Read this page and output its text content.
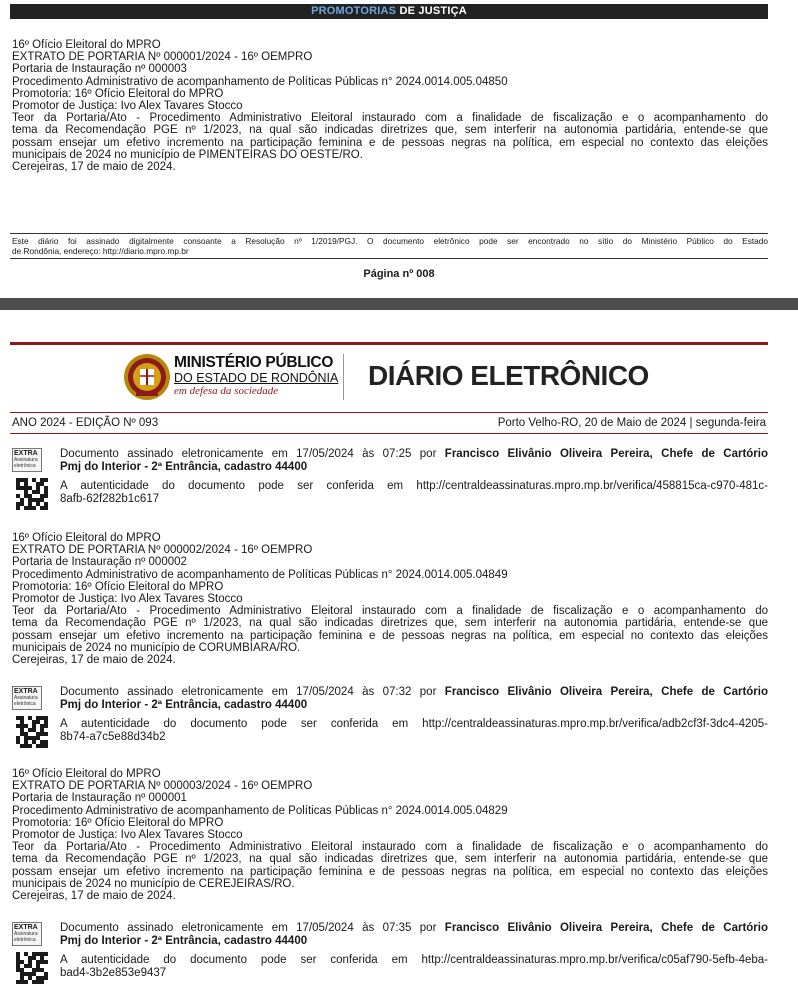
PROMOTORIAS DE JUSTIÇA
16º Ofício Eleitoral do MPRO
EXTRATO DE PORTARIA Nº 000001/2024 - 16º OEMPRO
Portaria de Instauração nº 000003
Procedimento Administrativo de acompanhamento de Políticas Públicas n° 2024.0014.005.04850
Promotoria: 16º Ofício Eleitoral do MPRO
Promotor de Justiça: Ivo Alex Tavares Stocco
Teor da Portaria/Ato - Procedimento Administrativo Eleitoral instaurado com a finalidade de fiscalização e o acompanhamento do
tema da Recomendação PGE nº 1/2023, na qual são indicadas diretrizes que, sem interferir na autonomia partidária, entende-se que
possam ensejar um efetivo incremento na participação feminina e de pessoas negras na política, em especial no contexto das eleições
municipais de 2024 no município de PIMENTEIRAS DO OESTE/RO.
Cerejeiras, 17 de maio de 2024.
Este diário foi assinado digitalmente consoante a Resolução nº 1/2019/PGJ. O documento eletrônico pode ser encontrado no sítio do Ministério Público do Estado
de Rondônia, endereço: http://diario.mpro.mp.br
Página nº 008
MINISTÉRIO PÚBLICO
DO ESTADO DE RONDÔNIA
em defesa da sociedade	DIÁRIO ELETRÔNICO
ANO 2024 - EDIÇÃO Nº 093	Porto Velho-RO, 20 de Maio de 2024 | segunda-feira
EXTRA
Assinatura eletrônica
Documento assinado eletronicamente em 17/05/2024 às 07:25 por Francisco Elivânio Oliveira Pereira, Chefe de Cartório
Pmj do Interior - 2ª Entrância, cadastro 44400
A autenticidade do documento pode ser conferida em http://centraldeassinaturas.mpro.mp.br/verifica/458815ca-c970-481c-
8afb-62f282b1c617
16º Ofício Eleitoral do MPRO
EXTRATO DE PORTARIA Nº 000002/2024 - 16º OEMPRO
Portaria de Instauração nº 000002
Procedimento Administrativo de acompanhamento de Políticas Públicas n° 2024.0014.005.04849
Promotoria: 16º Ofício Eleitoral do MPRO
Promotor de Justiça: Ivo Alex Tavares Stocco
Teor da Portaria/Ato - Procedimento Administrativo Eleitoral instaurado com a finalidade de fiscalização e o acompanhamento do
tema da Recomendação PGE nº 1/2023, na qual são indicadas diretrizes que, sem interferir na autonomia partidária, entende-se que
possam ensejar um efetivo incremento na participação feminina e de pessoas negras na política, em especial no contexto das eleições
municipais de 2024 no município de CORUMBIARA/RO.
Cerejeiras, 17 de maio de 2024.
EXTRA
Assinatura eletrônica
Documento assinado eletronicamente em 17/05/2024 às 07:32 por Francisco Elivânio Oliveira Pereira, Chefe de Cartório
Pmj do Interior - 2ª Entrância, cadastro 44400
A autenticidade do documento pode ser conferida em http://centraldeassinaturas.mpro.mp.br/verifica/adb2cf3f-3dc4-4205-
8b74-a7c5e88d34b2
16º Ofício Eleitoral do MPRO
EXTRATO DE PORTARIA Nº 000003/2024 - 16º OEMPRO
Portaria de Instauração nº 000001
Procedimento Administrativo de acompanhamento de Políticas Públicas n° 2024.0014.005.04829
Promotoria: 16º Ofício Eleitoral do MPRO
Promotor de Justiça: Ivo Alex Tavares Stocco
Teor da Portaria/Ato - Procedimento Administrativo Eleitoral instaurado com a finalidade de fiscalização e o acompanhamento do
tema da Recomendação PGE nº 1/2023, na qual são indicadas diretrizes que, sem interferir na autonomia partidária, entende-se que
possam ensejar um efetivo incremento na participação feminina e de pessoas negras na política, em especial no contexto das eleições
municipais de 2024 no município de CEREJEIRAS/RO.
Cerejeiras, 17 de maio de 2024.
EXTRA
Assinatura eletrônica
Documento assinado eletronicamente em 17/05/2024 às 07:35 por Francisco Elivânio Oliveira Pereira, Chefe de Cartório
Pmj do Interior - 2ª Entrância, cadastro 44400
A autenticidade do documento pode ser conferida em http://centraldeassinaturas.mpro.mp.br/verifica/c05af790-5efb-4eba-
bad4-3b2e853e9437
